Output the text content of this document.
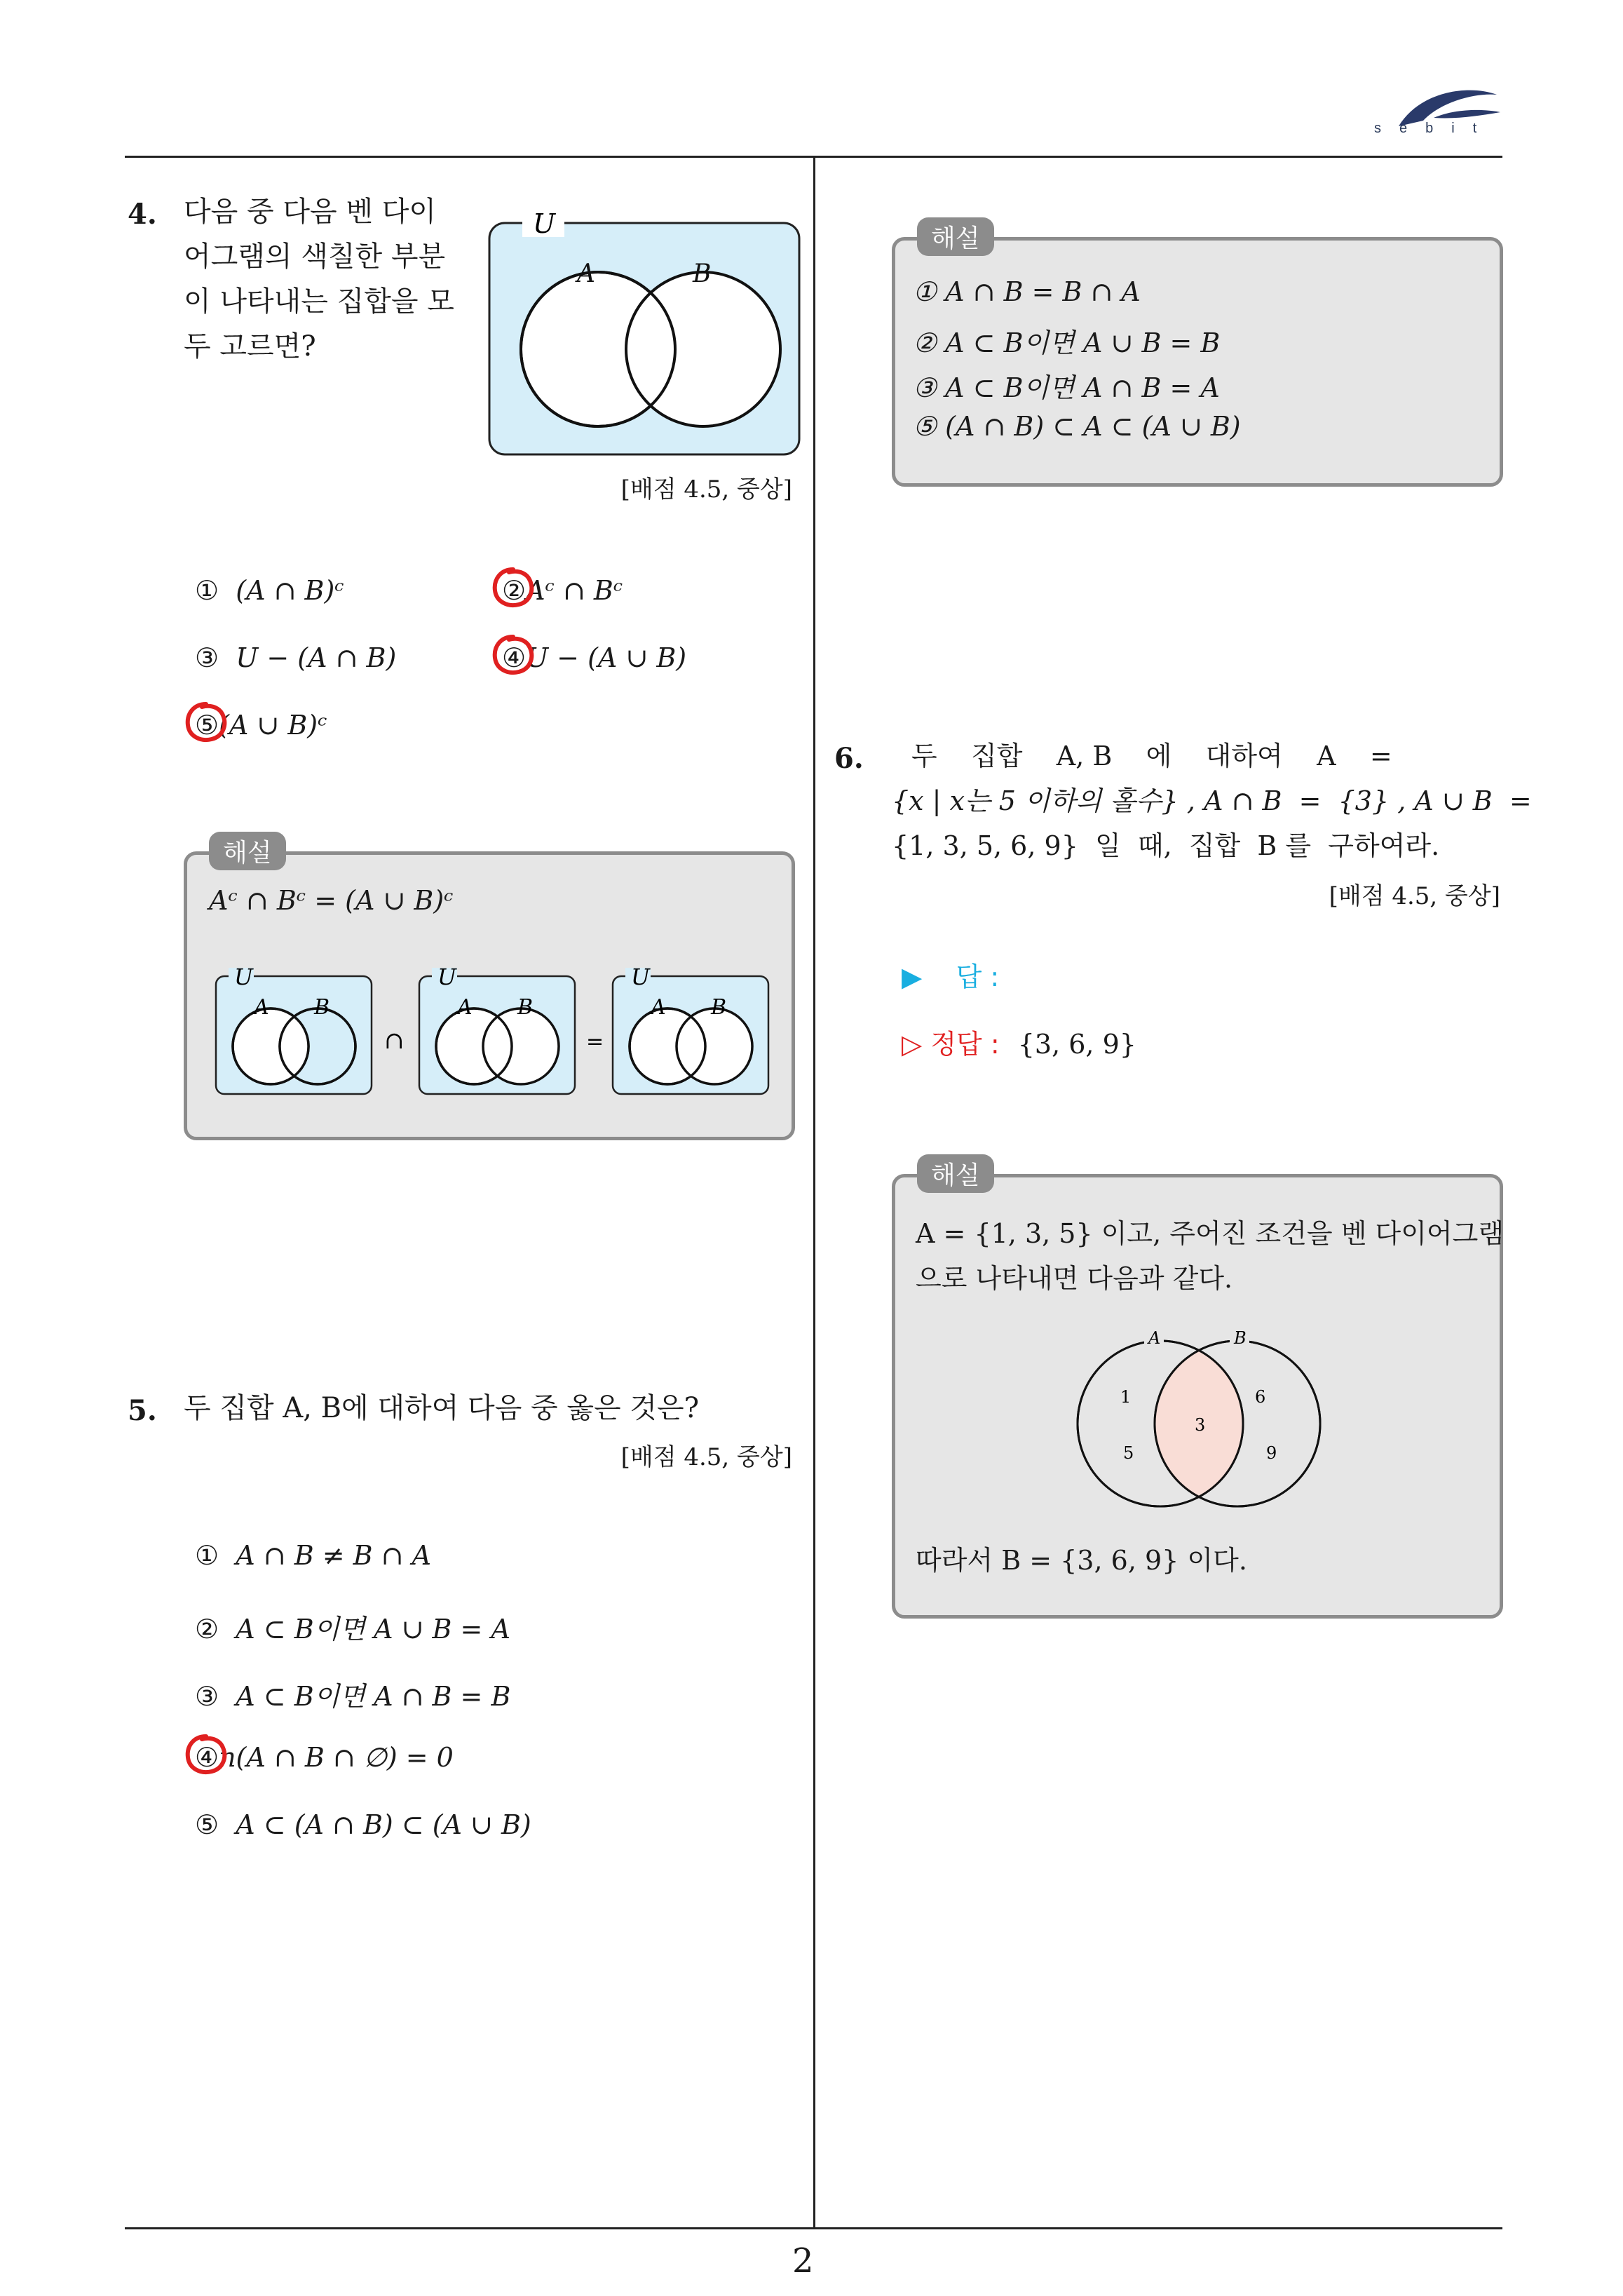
sebit
4. 다음 중 다음 벤 다이
어그램의 색칠한 부분
이 나타내는 집합을 모
두 고르면?
U
A	B
[배점 4.5, 중상]
① (A ∩ B)ᶜ	②Aᶜ ∩ Bᶜ
③ U − (A ∩ B)	④U − (A ∪ B)
⑤(A ∪ B)ᶜ
해설
Aᶜ ∩ Bᶜ = (A ∪ B)ᶜ
U
A B
∩
U
A B
=
U
A B
5. 두 집합 A, B에 대하여 다음 중 옳은 것은?
[배점 4.5, 중상]
① A ∩ B ≠ B ∩ A
② A ⊂ B이면 A ∪ B = A
③ A ⊂ B이면 A ∩ B = B
④n(A ∩ B ∩ ∅) = 0
⑤ A ⊂ (A ∩ B) ⊂ (A ∪ B)
해설
① A ∩ B = B ∩ A
② A ⊂ B이면 A ∪ B = B
③ A ⊂ B이면 A ∩ B = A
⑤ (A ∩ B) ⊂ A ⊂ (A ∪ B)
6. 두    집합    A, B    에    대하여    A    =
{x | x는 5 이하의 홀수} , A ∩ B  =  {3} , A ∪ B  =
{1, 3, 5, 6, 9}  일  때,  집합  B 를  구하여라.
[배점 4.5, 중상]
▶ 답 :
▷ 정답 : {3, 6, 9}
해설
A = {1, 3, 5} 이고, 주어진 조건을 벤 다이어그램
으로 나타내면 다음과 같다.
A	B
1
5
3
6
9
따라서 B = {3, 6, 9} 이다.
2
